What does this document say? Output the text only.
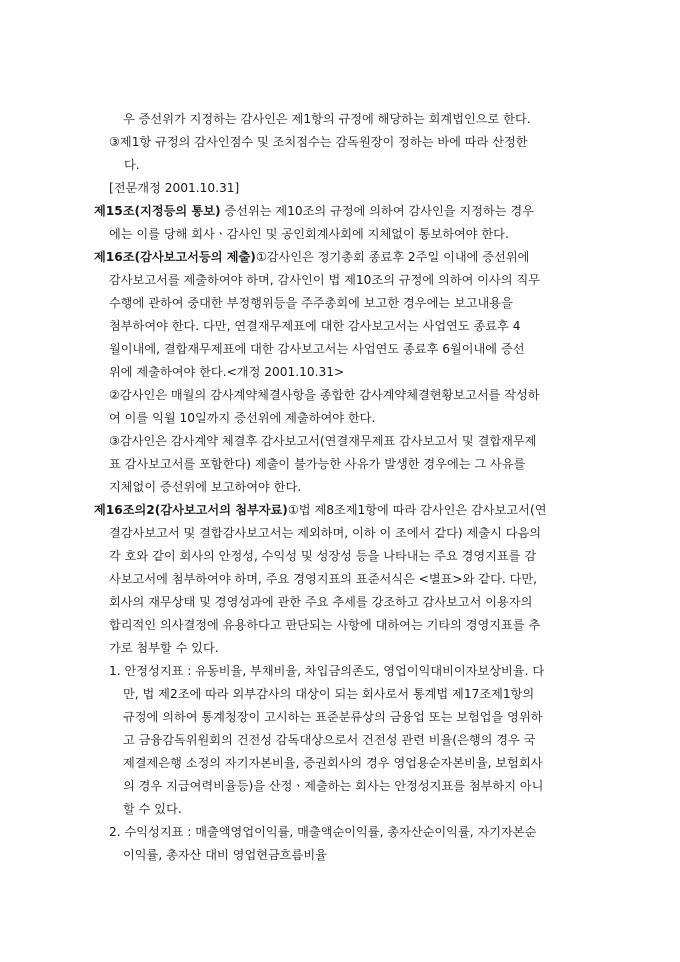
우 증선위가 지정하는 감사인은 제1항의 규정에 해당하는 회계법인으로 한다.
③제1항 규정의 감사인점수 및 조치점수는 감독원장이 정하는 바에 따라 산정한
다.
[전문개정 2001.10.31]
제15조(지정등의 통보) 증선위는 제10조의 규정에 의하여 감사인을 지정하는 경우
에는 이를 당해 회사ㆍ감사인 및 공인회계사회에 지체없이 통보하여야 한다.
제16조(감사보고서등의 제출)①감사인은 정기총회 종료후 2주일 이내에 증선위에
감사보고서를 제출하여야 하며, 감사인이 법 제10조의 규정에 의하여 이사의 직무
수행에 관하여 중대한 부정행위등을 주주총회에 보고한 경우에는 보고내용을
첨부하여야 한다. 다만, 연결재무제표에 대한 감사보고서는 사업연도 종료후 4
월이내에, 결합재무제표에 대한 감사보고서는 사업연도 종료후 6월이내에 증선
위에 제출하여야 한다.<개정 2001.10.31>
②감사인은 매월의 감사계약체결사항을 종합한 감사계약체결현황보고서를 작성하
여 이를 익월 10일까지 증선위에 제출하여야 한다.
③감사인은 감사계약 체결후 감사보고서(연결재무제표 감사보고서 및 결합재무제
표 감사보고서를 포함한다) 제출이 불가능한 사유가 발생한 경우에는 그 사유를
지체없이 증선위에 보고하여야 한다.
제16조의2(감사보고서의 첨부자료)①법 제8조제1항에 따라 감사인은 감사보고서(연
결감사보고서 및 결합감사보고서는 제외하며, 이하 이 조에서 같다) 제출시 다음의
각 호와 같이 회사의 안정성, 수익성 및 성장성 등을 나타내는 주요 경영지표를 감
사보고서에 첨부하여야 하며, 주요 경영지표의 표준서식은 <별표>와 같다. 다만,
회사의 재무상태 및 경영성과에 관한 주요 추세를 강조하고 감사보고서 이용자의
합리적인 의사결정에 유용하다고 판단되는 사항에 대하여는 기타의 경영지표를 추
가로 첨부할 수 있다.
1. 안정성지표 : 유동비율, 부채비율, 차입금의존도, 영업이익대비이자보상비율. 다
만, 법 제2조에 따라 외부감사의 대상이 되는 회사로서 통계법 제17조제1항의
규정에 의하여 통계청장이 고시하는 표준분류상의 금융업 또는 보험업을 영위하
고 금융감독위원회의 건전성 감독대상으로서 건전성 관련 비율(은행의 경우 국
제결제은행 소정의 자기자본비율, 증권회사의 경우 영업용순자본비율, 보험회사
의 경우 지급여력비율등)을 산정ㆍ제출하는 회사는 안정성지표를 첨부하지 아니
할 수 있다.
2. 수익성지표 : 매출액영업이익률, 매출액순이익률, 총자산순이익률, 자기자본순
이익률, 총자산 대비 영업현금흐름비율
